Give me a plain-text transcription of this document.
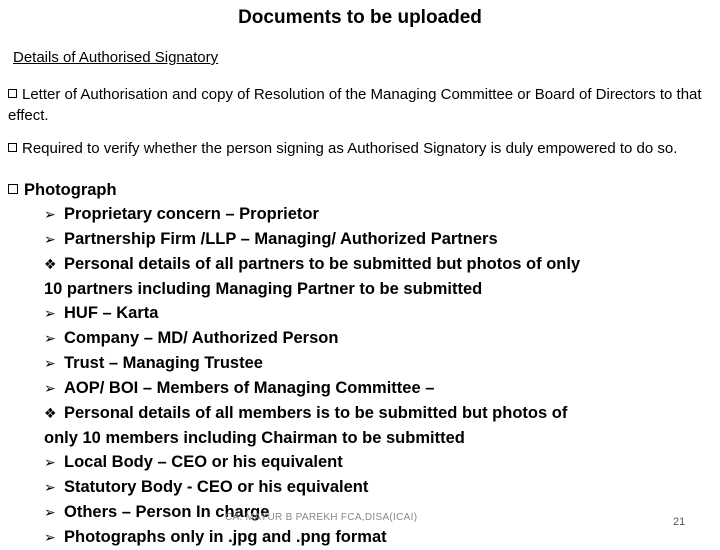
Documents to be uploaded
Details of Authorised Signatory
Letter of Authorisation and copy of Resolution of the Managing Committee or Board of Directors to that effect.
Required to verify whether the person signing as Authorised Signatory is duly empowered to do so.
Photograph
➢ Proprietary concern – Proprietor
➢ Partnership Firm /LLP – Managing/ Authorized Partners
❖ Personal details of all partners to be submitted but photos of only
10 partners including Managing Partner to be submitted
➢ HUF – Karta
➢ Company – MD/ Authorized Person
➢ Trust – Managing Trustee
➢ AOP/ BOI – Members of Managing Committee –
❖ Personal details of all members is to be submitted but photos of
only 10 members including Chairman to be submitted
➢ Local Body – CEO or his equivalent
➢ Statutory Body - CEO or his equivalent
➢ Others – Person In charge
➢ Photographs only in .jpg and .png format
CA. MAYUR B PAREKH FCA,DISA(ICAI)	21
